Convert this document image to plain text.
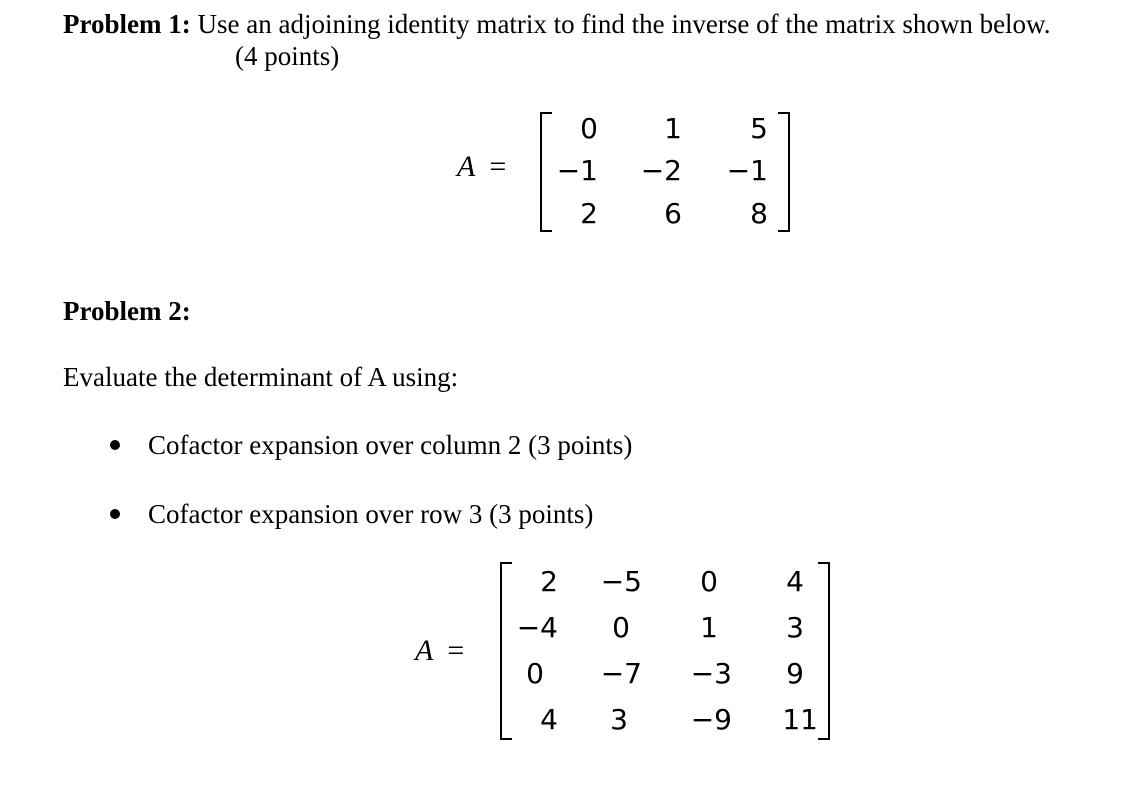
Problem 1: Use an adjoining identity matrix to find the inverse of the matrix shown below.
(4 points)
A =
0 1 5
−1 −2 −1
2 6 8
Problem 2:
Evaluate the determinant of A using:
Cofactor expansion over column 2 (3 points)
Cofactor expansion over row 3 (3 points)
A =
2 −5 0 4
−4 0	1 3
0 −7 −3 9
4 3 −9 11
